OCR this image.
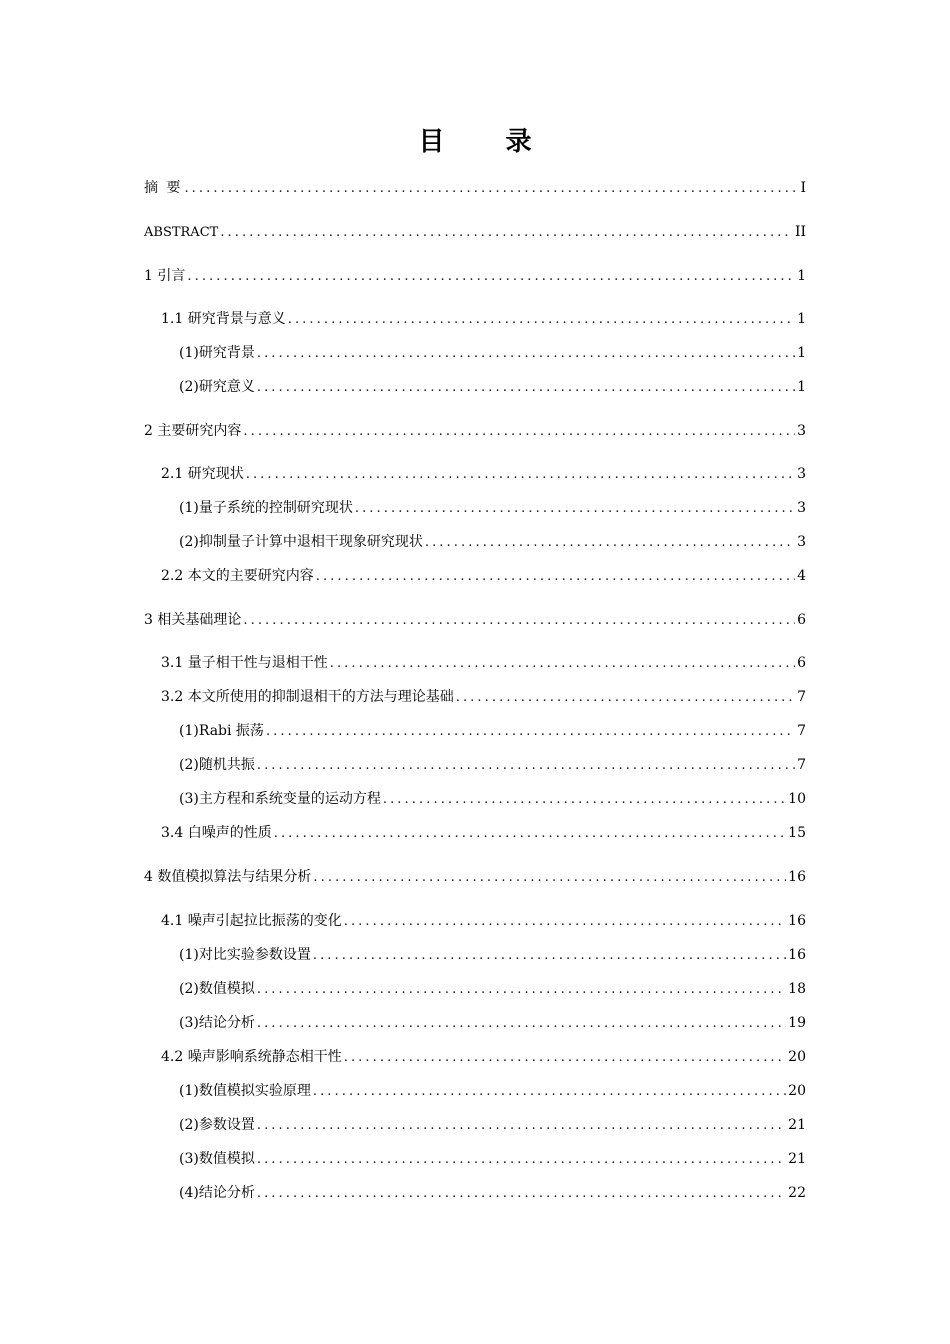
目 录
摘 要 .....	I
ABSTRACT .....	II
1 引言 .....	1
1.1 研究背景与意义 .....	1
(1)研究背景 .....	1
(2)研究意义 .....	1
2 主要研究内容 .....	3
2.1 研究现状 .....	3
(1)量子系统的控制研究现状 .....	3
(2)抑制量子计算中退相干现象研究现状 .....	3
2.2 本文的主要研究内容 .....	4
3 相关基础理论 .....	6
3.1 量子相干性与退相干性 .....	6
3.2 本文所使用的抑制退相干的方法与理论基础 .....	7
(1)Rabi 振荡 .....	7
(2)随机共振 .....	7
(3)主方程和系统变量的运动方程 .....	10
3.4 白噪声的性质 .....	15
4 数值模拟算法与结果分析 .....	16
4.1 噪声引起拉比振荡的变化 .....	16
(1)对比实验参数设置 .....	16
(2)数值模拟 .....	18
(3)结论分析 .....	19
4.2 噪声影响系统静态相干性 .....	20
(1)数值模拟实验原理 .....	20
(2)参数设置 .....	21
(3)数值模拟 .....	21
(4)结论分析 .....	22
